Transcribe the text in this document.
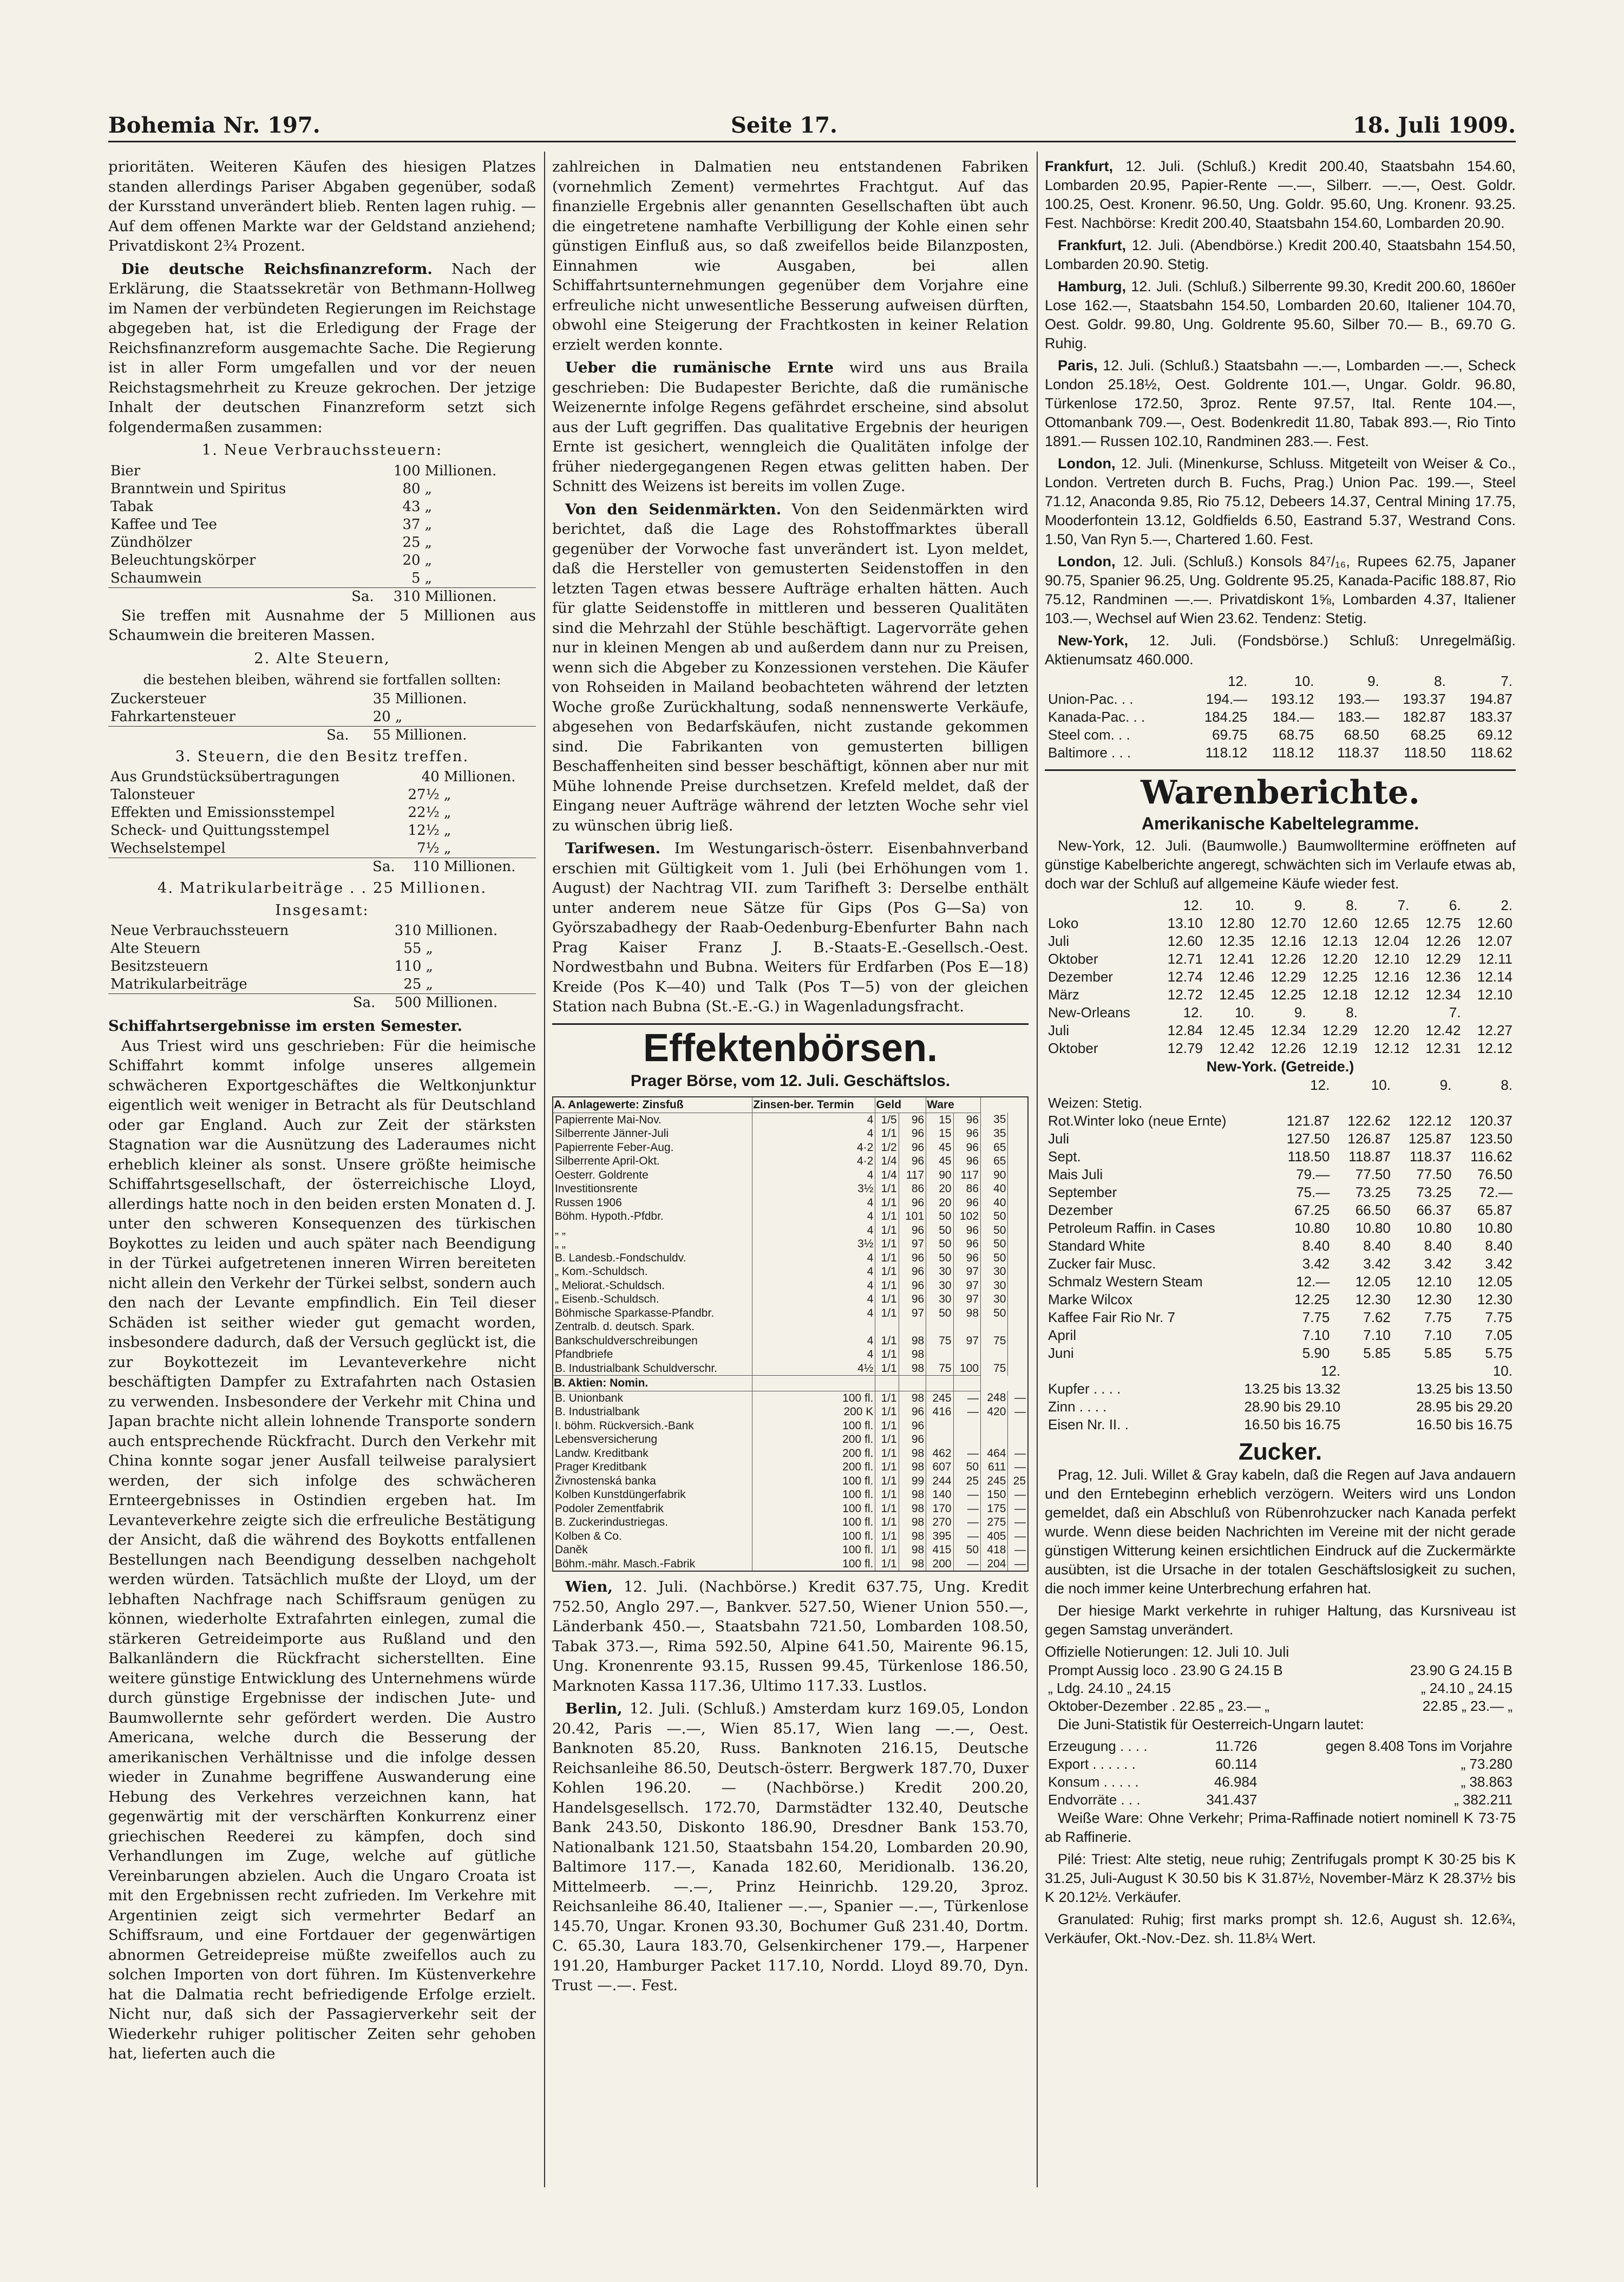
Bohemia Nr. 197.	Seite 17.	18. Juli 1909.

prioritäten. Weiteren Käufen des hiesigen Platzes standen allerdings Pariser Abgaben gegenüber, sodaß der Kursstand unverändert blieb. Renten lagen ruhig. — Auf dem offenen Markte war der Geldstand anziehend; Privatdiskont 2¾ Prozent.

Die deutsche Reichsfinanzreform. Nach der Erklärung, die Staatssekretär von Bethmann-Hollweg im Namen der verbündeten Regierungen im Reichstage abgegeben hat, ist die Erledigung der Frage der Reichsfinanzreform ausgemachte Sache. Die Regierung ist in aller Form umgefallen und vor der neuen Reichstagsmehrheit zu Kreuze gekrochen. Der jetzige Inhalt der deutschen Finanzreform setzt sich folgendermaßen zusammen:

1. Neue Verbrauchssteuern:
Bier	100	Millionen.
Branntwein und Spiritus	80	„
Tabak	43	„
Kaffee und Tee	37	„
Zündhölzer	25	„
Beleuchtungskörper	20	„
Schaumwein	5	„
Sa.	310	Millionen.

Sie treffen mit Ausnahme der 5 Millionen aus Schaumwein die breiteren Massen.

2. Alte Steuern,
die bestehen bleiben, während sie fortfallen sollten:
Zuckersteuer	35	Millionen.
Fahrkartensteuer	20	„
Sa.	55	Millionen.
3. Steuern, die den Besitz treffen.
Aus Grundstücksübertragungen	40	Millionen.
Talonsteuer	27½	„
Effekten und Emissionsstempel	22½	„
Scheck- und Quittungsstempel	12½	„
Wechselstempel	7½	„
Sa.	110	Millionen.
4. Matrikularbeiträge . . 25 Millionen.
Insgesamt:
Neue Verbrauchssteuern	310	Millionen.
Alte Steuern	55	„
Besitzsteuern	110	„
Matrikularbeiträge	25	„
Sa.	500	Millionen.
Schiffahrtsergebnisse im ersten Semester.

Aus Triest wird uns geschrieben: Für die heimische Schiffahrt kommt infolge unseres allgemein schwächeren Exportgeschäftes die Weltkonjunktur eigentlich weit weniger in Betracht als für Deutschland oder gar England. Auch zur Zeit der stärksten Stagnation war die Ausnützung des Laderaumes nicht erheblich kleiner als sonst. Unsere größte heimische Schiffahrtsgesellschaft, der österreichische Lloyd, allerdings hatte noch in den beiden ersten Monaten d. J. unter den schweren Konsequenzen des türkischen Boykottes zu leiden und auch später nach Beendigung in der Türkei aufgetretenen inneren Wirren bereiteten nicht allein den Verkehr der Türkei selbst, sondern auch den nach der Levante empfindlich. Ein Teil dieser Schäden ist seither wieder gut gemacht worden, insbesondere dadurch, daß der Versuch geglückt ist, die zur Boykottezeit im Levanteverkehre nicht beschäftigten Dampfer zu Extrafahrten nach Ostasien zu verwenden. Insbesondere der Verkehr mit China und Japan brachte nicht allein lohnende Transporte sondern auch entsprechende Rückfracht. Durch den Verkehr mit China konnte sogar jener Ausfall teilweise paralysiert werden, der sich infolge des schwächeren Ernteergebnisses in Ostindien ergeben hat. Im Levanteverkehre zeigte sich die erfreuliche Bestätigung der Ansicht, daß die während des Boykotts entfallenen Bestellungen nach Beendigung desselben nachgeholt werden würden. Tatsächlich mußte der Lloyd, um der lebhaften Nachfrage nach Schiffsraum genügen zu können, wiederholte Extrafahrten einlegen, zumal die stärkeren Getreideimporte aus Rußland und den Balkanländern die Rückfracht sicherstellten. Eine weitere günstige Entwicklung des Unternehmens würde durch günstige Ergebnisse der indischen Jute- und Baumwollernte sehr gefördert werden. Die Austro Americana, welche durch die Besserung der amerikanischen Verhältnisse und die infolge dessen wieder in Zunahme begriffene Auswanderung eine Hebung des Verkehres verzeichnen kann, hat gegenwärtig mit der verschärften Konkurrenz einer griechischen Reederei zu kämpfen, doch sind Verhandlungen im Zuge, welche auf gütliche Vereinbarungen abzielen. Auch die Ungaro Croata ist mit den Ergebnissen recht zufrieden. Im Verkehre mit Argentinien zeigt sich vermehrter Bedarf an Schiffsraum, und eine Fortdauer der gegenwärtigen abnormen Getreidepreise müßte zweifellos auch zu solchen Importen von dort führen. Im Küstenverkehre hat die Dalmatia recht befriedigende Erfolge erzielt. Nicht nur, daß sich der Passagierverkehr seit der Wiederkehr ruhiger politischer Zeiten sehr gehoben hat, lieferten auch die

zahlreichen in Dalmatien neu entstandenen Fabriken (vornehmlich Zement) vermehrtes Frachtgut. Auf das finanzielle Ergebnis aller genannten Gesellschaften übt auch die eingetretene namhafte Verbilligung der Kohle einen sehr günstigen Einfluß aus, so daß zweifellos beide Bilanzposten, Einnahmen wie Ausgaben, bei allen Schiffahrtsunternehmungen gegenüber dem Vorjahre eine erfreuliche nicht unwesentliche Besserung aufweisen dürften, obwohl eine Steigerung der Frachtkosten in keiner Relation erzielt werden konnte.

Ueber die rumänische Ernte wird uns aus Braila geschrieben: Die Budapester Berichte, daß die rumänische Weizenernte infolge Regens gefährdet erscheine, sind absolut aus der Luft gegriffen. Das qualitative Ergebnis der heurigen Ernte ist gesichert, wenngleich die Qualitäten infolge der früher niedergegangenen Regen etwas gelitten haben. Der Schnitt des Weizens ist bereits im vollen Zuge.

Von den Seidenmärkten. Von den Seidenmärkten wird berichtet, daß die Lage des Rohstoffmarktes überall gegenüber der Vorwoche fast unverändert ist. Lyon meldet, daß die Hersteller von gemusterten Seidenstoffen in den letzten Tagen etwas bessere Aufträge erhalten hätten. Auch für glatte Seidenstoffe in mittleren und besseren Qualitäten sind die Mehrzahl der Stühle beschäftigt. Lagervorräte gehen nur in kleinen Mengen ab und außerdem dann nur zu Preisen, wenn sich die Abgeber zu Konzessionen verstehen. Die Käufer von Rohseiden in Mailand beobachteten während der letzten Woche große Zurückhaltung, sodaß nennenswerte Verkäufe, abgesehen von Bedarfskäufen, nicht zustande gekommen sind. Die Fabrikanten von gemusterten billigen Beschaffenheiten sind besser beschäftigt, können aber nur mit Mühe lohnende Preise durchsetzen. Krefeld meldet, daß der Eingang neuer Aufträge während der letzten Woche sehr viel zu wünschen übrig ließ.

Tarifwesen. Im Westungarisch-österr. Eisenbahnverband erschien mit Gültigkeit vom 1. Juli (bei Erhöhungen vom 1. August) der Nachtrag VII. zum Tarifheft 3: Derselbe enthält unter anderem neue Sätze für Gips (Pos G—Sa) von Györszabadhegy der Raab-Oedenburg-Ebenfurter Bahn nach Prag Kaiser Franz J. B.-Staats-E.-Gesellsch.-Oest. Nordwestbahn und Bubna. Weiters für Erdfarben (Pos E—18) Kreide (Pos K—40) und Talk (Pos T—5) von der gleichen Station nach Bubna (St.-E.-G.) in Wagenladungsfracht.

Effektenbörsen.
Prager Börse, vom 12. Juli. Geschäftslos.
A. Anlagewerte: Zinsfuß	Zinsen-ber. Termin	Geld		Ware			
Papierrente Mai-Nov.	4	1/5	96	15	96	35	
Silberrente Jänner-Juli	4	1/1	96	15	96	35	
Papierrente Feber-Aug.	4·2	1/2	96	45	96	65	
Silberrente April-Okt.	4·2	1/4	96	45	96	65	
Oesterr. Goldrente	4	1/4	117	90	117	90	
Investitionsrente	3½	1/1	86	20	86	40	
Russen 1906	4	1/1	96	20	96	40	
Böhm. Hypoth.-Pfdbr.	4	1/1	101	50	102	50	
„ „	4	1/1	96	50	96	50	
„ „	3½	1/1	97	50	96	50	
B. Landesb.-Fondschuldv.	4	1/1	96	50	96	50	
„ Kom.-Schuldsch.	4	1/1	96	30	97	30	
„ Meliorat.-Schuldsch.	4	1/1	96	30	97	30	
„ Eisenb.-Schuldsch.	4	1/1	96	30	97	30	
Böhmische Sparkasse-Pfandbr.	4	1/1	97	50	98	50	
Zentralb. d. deutsch. Spark.							
Bankschuldverschreibungen	4	1/1	98	75	97	75	
Pfandbriefe	4	1/1	98				
B. Industrialbank Schuldverschr.	4½	1/1	98	75	100	75	
B. Aktien: Nomin.							
B. Unionbank	100 fl.	1/1	98	245	—	248	—
B. Industrialbank	200 K	1/1	96	416	—	420	—
I. böhm. Rückversich.-Bank	100 fl.	1/1	96				
Lebensversicherung	200 fl.	1/1	96				
Landw. Kreditbank	200 fl.	1/1	98	462	—	464	—
Prager Kreditbank	200 fl.	1/1	98	607	50	611	—
Živnostenská banka	100 fl.	1/1	99	244	25	245	25
Kolben Kunstdüngerfabrik	100 fl.	1/1	98	140	—	150	—
Podoler Zementfabrik	100 fl.	1/1	98	170	—	175	—
B. Zuckerindustriegas.	100 fl.	1/1	98	270	—	275	—
Kolben & Co.	100 fl.	1/1	98	395	—	405	—
Daněk	100 fl.	1/1	98	415	50	418	—
Böhm.-mähr. Masch.-Fabrik	100 fl.	1/1	98	200	—	204	—

Wien, 12. Juli. (Nachbörse.) Kredit 637.75, Ung. Kredit 752.50, Anglo 297.—, Bankver. 527.50, Wiener Union 550.—, Länderbank 450.—, Staatsbahn 721.50, Lombarden 108.50, Tabak 373.—, Rima 592.50, Alpine 641.50, Mairente 96.15, Ung. Kronenrente 93.15, Russen 99.45, Türkenlose 186.50, Marknoten Kassa 117.36, Ultimo 117.33. Lustlos.

Berlin, 12. Juli. (Schluß.) Amsterdam kurz 169.05, London 20.42, Paris —.—, Wien 85.17, Wien lang —.—, Oest. Banknoten 85.20, Russ. Banknoten 216.15, Deutsche Reichsanleihe 86.50, Deutsch-österr. Bergwerk 187.70, Duxer Kohlen 196.20. — (Nachbörse.) Kredit 200.20, Handelsgesellsch. 172.70, Darmstädter 132.40, Deutsche Bank 243.50, Diskonto 186.90, Dresdner Bank 153.70, Nationalbank 121.50, Staatsbahn 154.20, Lombarden 20.90, Baltimore 117.—, Kanada 182.60, Meridionalb. 136.20, Mittelmeerb. —.—, Prinz Heinrichb. 129.20, 3proz. Reichsanleihe 86.40, Italiener —.—, Spanier —.—, Türkenlose 145.70, Ungar. Kronen 93.30, Bochumer Guß 231.40, Dortm. C. 65.30, Laura 183.70, Gelsenkirchener 179.—, Harpener 191.20, Hamburger Packet 117.10, Nordd. Lloyd 89.70, Dyn. Trust —.—. Fest.

Frankfurt, 12. Juli. (Schluß.) Kredit 200.40, Staatsbahn 154.60, Lombarden 20.95, Papier-Rente —.—, Silberr. —.—, Oest. Goldr. 100.25, Oest. Kronenr. 96.50, Ung. Goldr. 95.60, Ung. Kronenr. 93.25. Fest. Nachbörse: Kredit 200.40, Staatsbahn 154.60, Lombarden 20.90.

Frankfurt, 12. Juli. (Abendbörse.) Kredit 200.40, Staatsbahn 154.50, Lombarden 20.90. Stetig.

Hamburg, 12. Juli. (Schluß.) Silberrente 99.30, Kredit 200.60, 1860er Lose 162.—, Staatsbahn 154.50, Lombarden 20.60, Italiener 104.70, Oest. Goldr. 99.80, Ung. Goldrente 95.60, Silber 70.— B., 69.70 G. Ruhig.

Paris, 12. Juli. (Schluß.) Staatsbahn —.—, Lombarden —.—, Scheck London 25.18½, Oest. Goldrente 101.—, Ungar. Goldr. 96.80, Türkenlose 172.50, 3proz. Rente 97.57, Ital. Rente 104.—, Ottomanbank 709.—, Oest. Bodenkredit 11.80, Tabak 893.—, Rio Tinto 1891.— Russen 102.10, Randminen 283.—. Fest.

London, 12. Juli. (Minenkurse, Schluss. Mitgeteilt von Weiser & Co., London. Vertreten durch B. Fuchs, Prag.) Union Pac. 199.—, Steel 71.12, Anaconda 9.85, Rio 75.12, Debeers 14.37, Central Mining 17.75, Mooderfontein 13.12, Goldfields 6.50, Eastrand 5.37, Westrand Cons. 1.50, Van Ryn 5.—, Chartered 1.60. Fest.

London, 12. Juli. (Schluß.) Konsols 84⁷/₁₆, Rupees 62.75, Japaner 90.75, Spanier 96.25, Ung. Goldrente 95.25, Kanada-Pacific 188.87, Rio 75.12, Randminen —.—. Privatdiskont 1⅝, Lombarden 4.37, Italiener 103.—, Wechsel auf Wien 23.62. Tendenz: Stetig.

New-York, 12. Juli. (Fondsbörse.) Schluß: Unregelmäßig. Aktienumsatz 460.000.

	12.	10.	9.	8.	7.
Union-Pac. . .	194.—	193.12	193.—	193.37	194.87
Kanada-Pac. . .	184.25	184.—	183.—	182.87	183.37
Steel com. . .	69.75	68.75	68.50	68.25	69.12
Baltimore . . .	118.12	118.12	118.37	118.50	118.62
Warenberichte.
Amerikanische Kabeltelegramme.

New-York, 12. Juli. (Baumwolle.) Baumwolltermine eröffneten auf günstige Kabelberichte angeregt, schwächten sich im Verlaufe etwas ab, doch war der Schluß auf allgemeine Käufe wieder fest.

	12.	10.	9.	8.	7.	6.	2.
Loko	13.10	12.80	12.70	12.60	12.65	12.75	12.60
Juli	12.60	12.35	12.16	12.13	12.04	12.26	12.07
Oktober	12.71	12.41	12.26	12.20	12.10	12.29	12.11
Dezember	12.74	12.46	12.29	12.25	12.16	12.36	12.14
März	12.72	12.45	12.25	12.18	12.12	12.34	12.10
New-Orleans	12.	10.	9.	8.		7.	
Juli	12.84	12.45	12.34	12.29	12.20	12.42	12.27
Oktober	12.79	12.42	12.26	12.19	12.12	12.31	12.12
New-York. (Getreide.)
	12.	10.	9.	8.
Weizen: Stetig.				
Rot.Winter loko (neue Ernte)	121.87	122.62	122.12	120.37
Juli	127.50	126.87	125.87	123.50
Sept.	118.50	118.87	118.37	116.62
Mais Juli	79.—	77.50	77.50	76.50
September	75.—	73.25	73.25	72.—
Dezember	67.25	66.50	66.37	65.87
Petroleum Raffin. in Cases	10.80	10.80	10.80	10.80
Standard White	8.40	8.40	8.40	8.40
Zucker fair Musc.	3.42	3.42	3.42	3.42
Schmalz Western Steam	12.—	12.05	12.10	12.05
Marke Wilcox	12.25	12.30	12.30	12.30
Kaffee Fair Rio Nr. 7	7.75	7.62	7.75	7.75
April	7.10	7.10	7.10	7.05
Juni	5.90	5.85	5.85	5.75
	12.		10.
Kupfer . . . .	13.25 bis 13.32		13.25 bis 13.50
Zinn . . . .	28.90 bis 29.10		28.95 bis 29.20
Eisen Nr. II. .	16.50 bis 16.75		16.50 bis 16.75
Zucker.

Prag, 12. Juli. Willet & Gray kabeln, daß die Regen auf Java andauern und den Erntebeginn erheblich verzögern. Weiters wird uns London gemeldet, daß ein Abschluß von Rübenrohzucker nach Kanada perfekt wurde. Wenn diese beiden Nachrichten im Vereine mit der nicht gerade günstigen Witterung keinen ersichtlichen Eindruck auf die Zuckermärkte ausübten, ist die Ursache in der totalen Geschäftslosigkeit zu suchen, die noch immer keine Unterbrechung erfahren hat.

Der hiesige Markt verkehrte in ruhiger Haltung, das Kursniveau ist gegen Samstag unverändert.

Offizielle Notierungen: 12. Juli 10. Juli
Prompt Aussig loco . 23.90 G 24.15 B	23.90 G 24.15 B
„ Ldg. 24.10 „ 24.15	„ 24.10 „ 24.15
Oktober-Dezember . 22.85 „ 23.— „	22.85 „ 23.— „

Die Juni-Statistik für Oesterreich-Ungarn lautet:

Erzeugung . . . .	11.726	gegen 8.408 Tons im Vorjahre
Export . . . . . .	60.114	„ 73.280
Konsum . . . . .	46.984	„ 38.863
Endvorräte . . .	341.437	„ 382.211

Weiße Ware: Ohne Verkehr; Prima-Raffinade notiert nominell K 73·75 ab Raffinerie.

Pilé: Triest: Alte stetig, neue ruhig; Zentrifugals prompt K 30·25 bis K 31.25, Juli-August K 30.50 bis K 31.87½, November-März K 28.37½ bis K 20.12½. Verkäufer.

Granulated: Ruhig; first marks prompt sh. 12.6, August sh. 12.6¾, Verkäufer, Okt.-Nov.-Dez. sh. 11.8¼ Wert.
